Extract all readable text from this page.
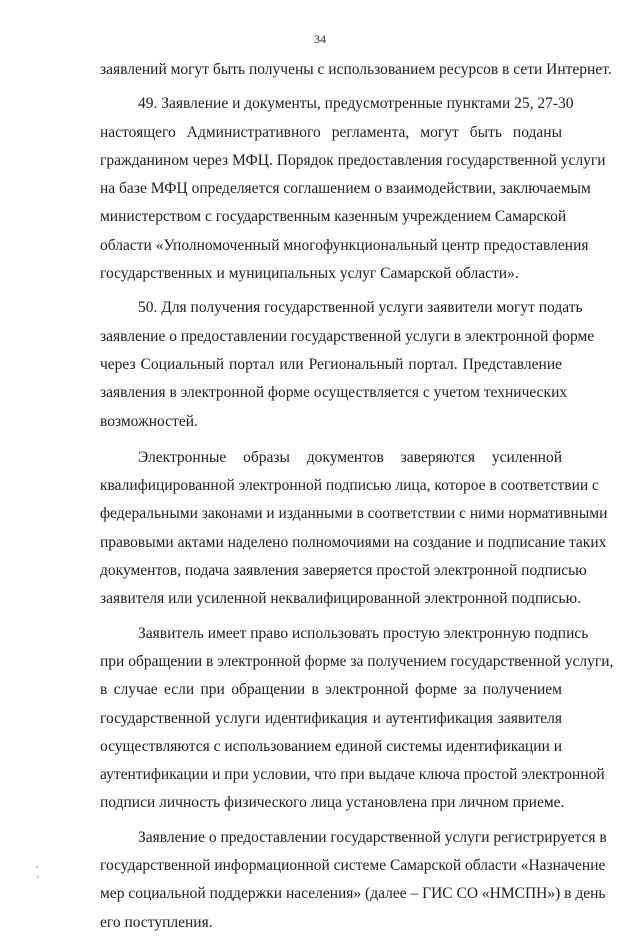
34
заявлений могут быть получены с использованием ресурсов в сети Интернет.
49. Заявление и документы, предусмотренные пунктами 25, 27-30
настоящего Административного регламента, могут быть поданы
гражданином через МФЦ. Порядок предоставления государственной услуги
на базе МФЦ определяется соглашением о взаимодействии, заключаемым
министерством с государственным казенным учреждением Самарской
области «Уполномоченный многофункциональный центр предоставления
государственных и муниципальных услуг Самарской области».
50. Для получения государственной услуги заявители могут подать
заявление о предоставлении государственной услуги в электронной форме
через Социальный портал или Региональный портал. Представление
заявления в электронной форме осуществляется с учетом технических
возможностей.
Электронные образы документов заверяются усиленной
квалифицированной электронной подписью лица, которое в соответствии с
федеральными законами и изданными в соответствии с ними нормативными
правовыми актами наделено полномочиями на создание и подписание таких
документов, подача заявления заверяется простой электронной подписью
заявителя или усиленной неквалифицированной электронной подписью.
Заявитель имеет право использовать простую электронную подпись
при обращении в электронной форме за получением государственной услуги,
в случае если при обращении в электронной форме за получением
государственной услуги идентификация и аутентификация заявителя
осуществляются с использованием единой системы идентификации и
аутентификации и при условии, что при выдаче ключа простой электронной
подписи личность физического лица установлена при личном приеме.
Заявление о предоставлении государственной услуги регистрируется в
государственной информационной системе Самарской области «Назначение
мер социальной поддержки населения» (далее – ГИС СО «НМСПН») в день
его поступления.
